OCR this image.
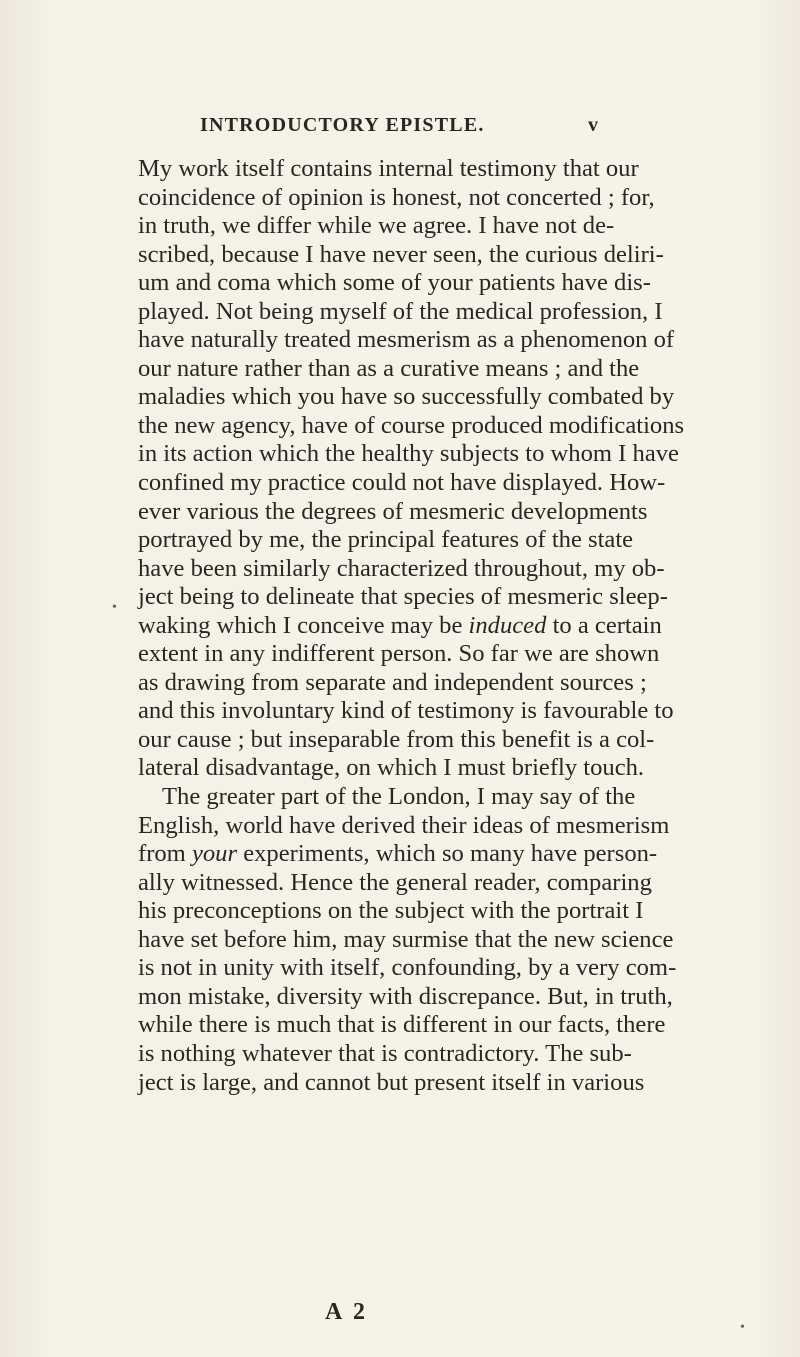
INTRODUCTORY EPISTLE.	v
My work itself contains internal testimony that our
coincidence of opinion is honest, not concerted ; for,
in truth, we differ while we agree. I have not de-
scribed, because I have never seen, the curious deliri-
um and coma which some of your patients have dis-
played. Not being myself of the medical profession, I
have naturally treated mesmerism as a phenomenon of
our nature rather than as a curative means ; and the
maladies which you have so successfully combated by
the new agency, have of course produced modifications
in its action which the healthy subjects to whom I have
confined my practice could not have displayed. How-
ever various the degrees of mesmeric developments
portrayed by me, the principal features of the state
have been similarly characterized throughout, my ob-
ject being to delineate that species of mesmeric sleep-
waking which I conceive may be induced to a certain
extent in any indifferent person. So far we are shown
as drawing from separate and independent sources ;
and this involuntary kind of testimony is favourable to
our cause ; but inseparable from this benefit is a col-
lateral disadvantage, on which I must briefly touch.
The greater part of the London, I may say of the
English, world have derived their ideas of mesmerism
from your experiments, which so many have person-
ally witnessed. Hence the general reader, comparing
his preconceptions on the subject with the portrait I
have set before him, may surmise that the new science
is not in unity with itself, confounding, by a very com-
mon mistake, diversity with discrepance. But, in truth,
while there is much that is different in our facts, there
is nothing whatever that is contradictory. The sub-
ject is large, and cannot but present itself in various
A 2
•
•
